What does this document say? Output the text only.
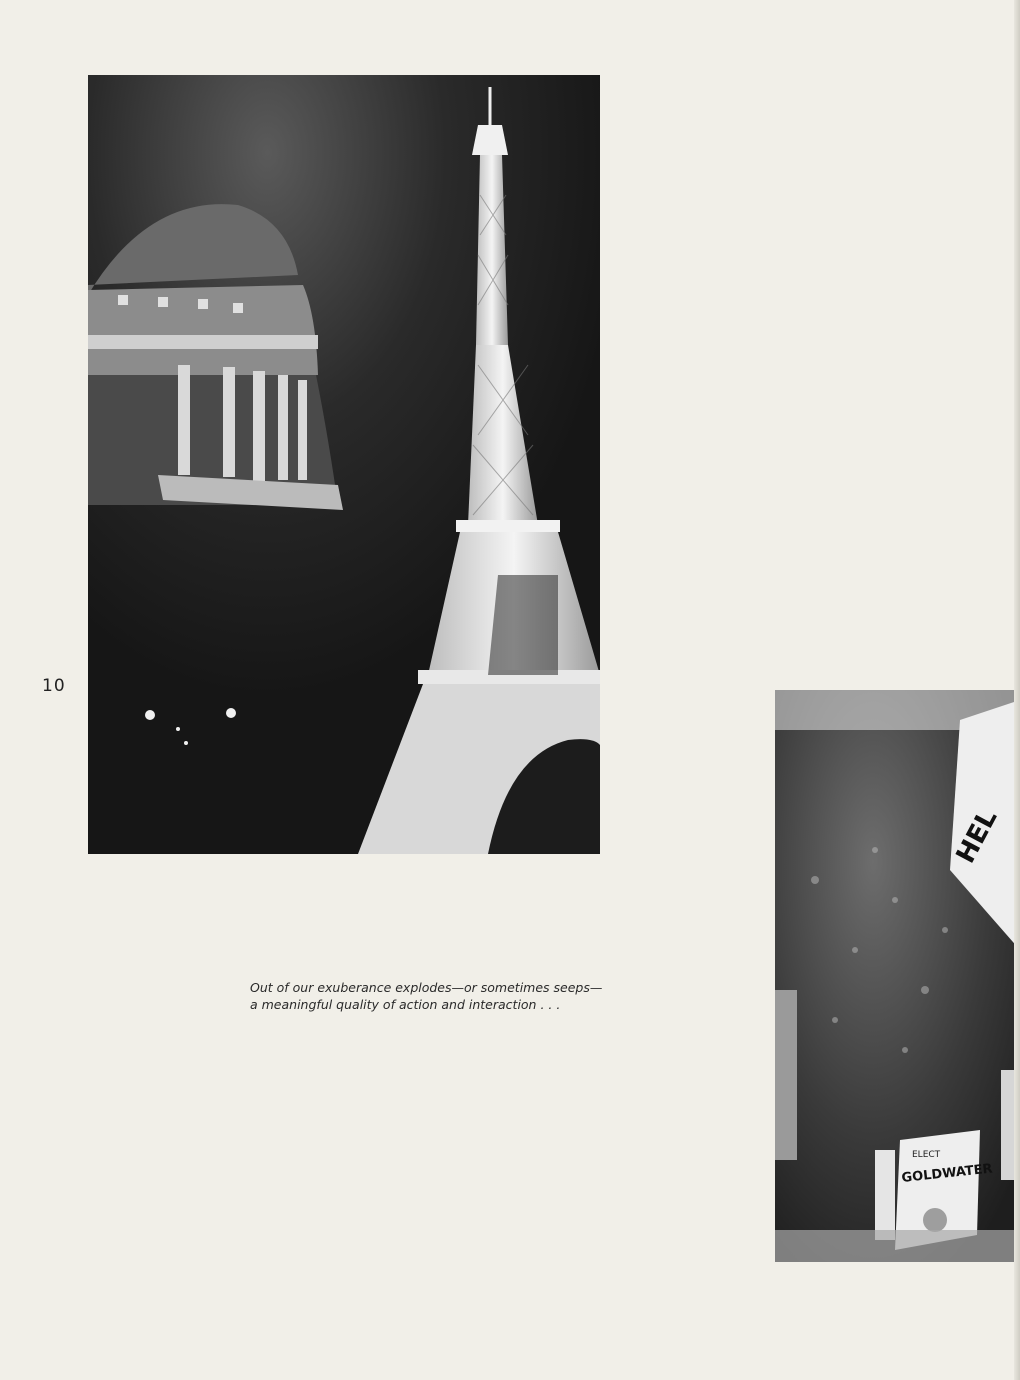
10
Out of our exuberance explodes—or sometimes seeps—
a meaningful quality of action and interaction . . .
HEL
ELECT
GOLDWATER
